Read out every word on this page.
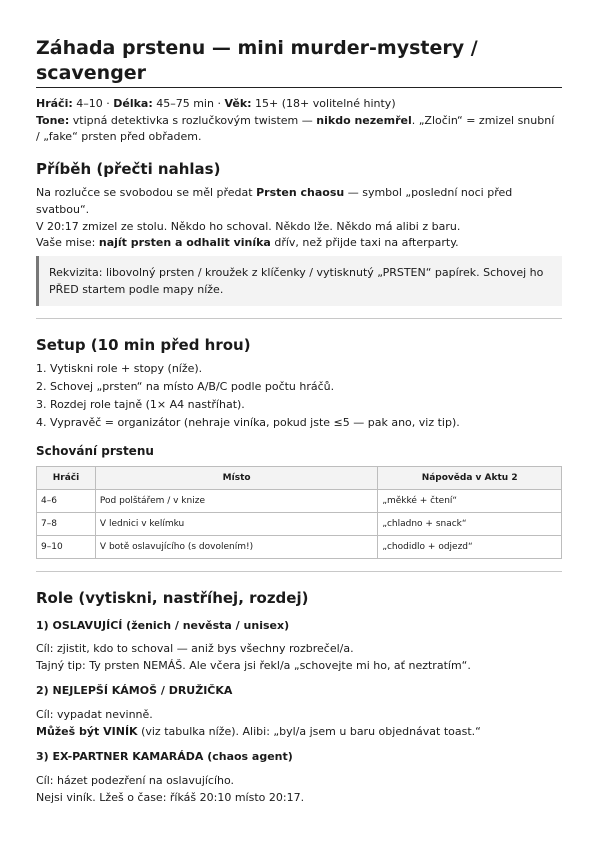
Záhada prstenu — mini murder-mystery / scavenger
Hráči: 4–10 · Délka: 45–75 min · Věk: 15+ (18+ volitelné hinty)
Tone: vtipná detektivka s rozlučkovým twistem — nikdo nezemřel. „Zločin“ = zmizel snubní
/ „fake“ prsten před obřadem.
Příběh (přečti nahlas)
Na rozlučce se svobodou se měl předat Prsten chaosu — symbol „poslední noci před
svatbou“.
V 20:17 zmizel ze stolu. Někdo ho schoval. Někdo lže. Někdo má alibi z baru.
Vaše mise: najít prsten a odhalit viníka dřív, než přijde taxi na afterparty.
Rekvizita: libovolný prsten / kroužek z klíčenky / vytisknutý „PRSTEN“ papírek. Schovej ho
PŘED startem podle mapy níže.
Setup (10 min před hrou)
1. Vytiskni role + stopy (níže).
2. Schovej „prsten“ na místo A/B/C podle počtu hráčů.
3. Rozdej role tajně (1× A4 nastříhat).
4. Vypravěč = organizátor (nehraje viníka, pokud jste ≤5 — pak ano, viz tip).
Schování prstenu
Hráči	Místo	Nápověda v Aktu 2
4–6	Pod polštářem / v knize	„měkké + čtení“
7–8	V lednici v kelímku	„chladno + snack“
9–10	V botě oslavujícího (s dovolením!)	„chodidlo + odjezd“
Role (vytiskni, nastříhej, rozdej)
1) OSLAVUJÍCÍ (ženich / nevěsta / unisex)
Cíl: zjistit, kdo to schoval — aniž bys všechny rozbrečel/a.
Tajný tip: Ty prsten NEMÁŠ. Ale včera jsi řekl/a „schovejte mi ho, ať neztratím“.
2) NEJLEPŠÍ KÁMOŠ / DRUŽIČKA
Cíl: vypadat nevinně.
Můžeš být VINÍK (viz tabulka níže). Alibi: „byl/a jsem u baru objednávat toast.“
3) EX-PARTNER KAMARÁDA (chaos agent)
Cíl: házet podezření na oslavujícího.
Nejsi viník. Lžeš o čase: říkáš 20:10 místo 20:17.
